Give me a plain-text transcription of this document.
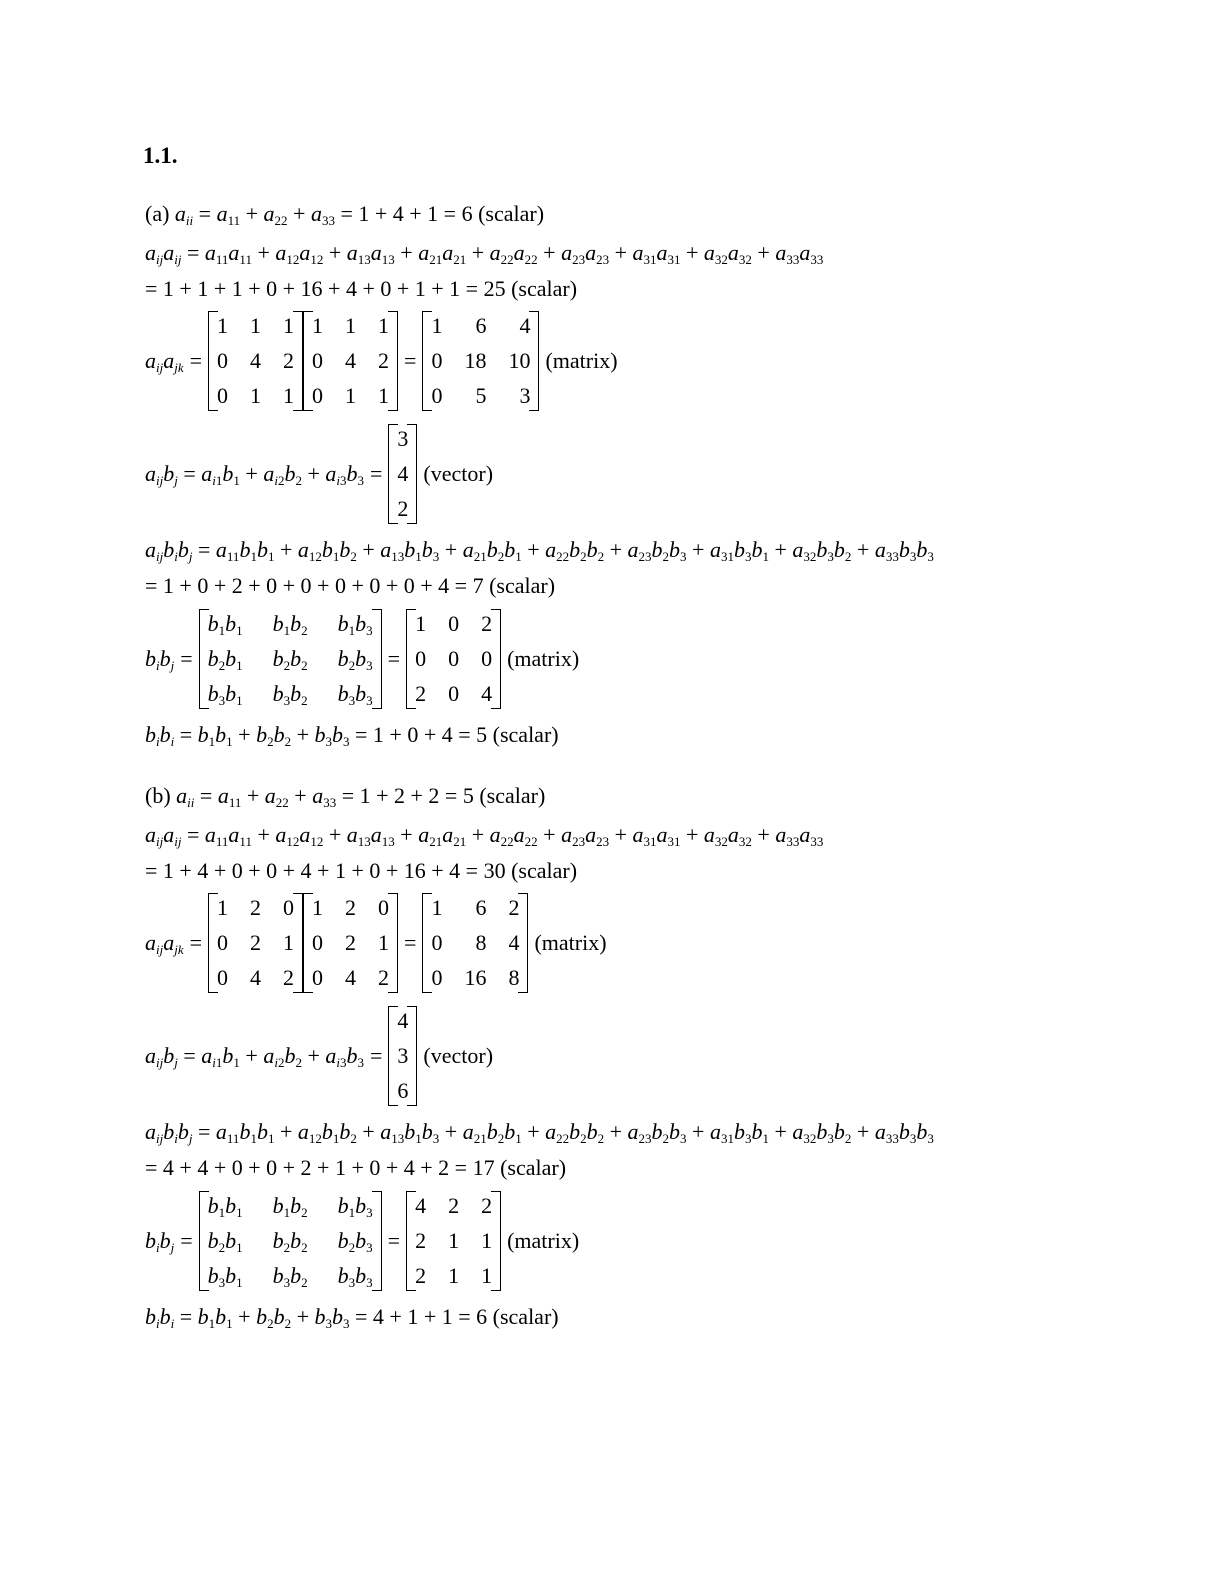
1.1.
(a) $a_{ii} = a_{11} + a_{22} + a_{33} = 1 + 4 + 1 = 6$ (scalar)
$a_{ij}a_{ij} = a_{11}a_{11} + a_{12}a_{12} + a_{13}a_{13} + a_{21}a_{21} + a_{22}a_{22} + a_{23}a_{23} + a_{31}a_{31} + a_{32}a_{32} + a_{33}a_{33}$
= 1 + 1 + 1 + 0 + 16 + 4 + 0 + 1 + 1 = 25 (scalar)
$a_{ij}a_{jk}$ =
1 1 1
0 4 2
0 1 1
1 1 1
0 4 2
0 1 1
=
1	6	4
0 18 10
0	5	3
(matrix)
$a_{ij}b_j = a_{i1}b_1 + a_{i2}b_2 + a_{i3}b_3$ =
3
4
2
(vector)
$a_{ij}b_ib_j = a_{11}b_1b_1 + a_{12}b_1b_2 + a_{13}b_1b_3 + a_{21}b_2b_1 + a_{22}b_2b_2 + a_{23}b_2b_3 + a_{31}b_3b_1 + a_{32}b_3b_2 + a_{33}b_3b_3$
= 1 + 0 + 2 + 0 + 0 + 0 + 0 + 0 + 4 = 7 (scalar)
$b_ib_j$ =
$b_1b_1$ $b_1b_2$ $b_1b_3$
$b_2b_1$ $b_2b_2$ $b_2b_3$
$b_3b_1$ $b_3b_2$ $b_3b_3$
=
1 0 2
0 0 0
2 0 4
(matrix)
$b_ib_i = b_1b_1 + b_2b_2 + b_3b_3 = 1 + 0 + 4 = 5$ (scalar)
(b) $a_{ii} = a_{11} + a_{22} + a_{33} = 1 + 2 + 2 = 5$ (scalar)
$a_{ij}a_{ij} = a_{11}a_{11} + a_{12}a_{12} + a_{13}a_{13} + a_{21}a_{21} + a_{22}a_{22} + a_{23}a_{23} + a_{31}a_{31} + a_{32}a_{32} + a_{33}a_{33}$
= 1 + 4 + 0 + 0 + 4 + 1 + 0 + 16 + 4 = 30 (scalar)
$a_{ij}a_{jk}$ =
1 2 0
0 2 1
0 4 2
1 2 0
0 2 1
0 4 2
=
1	6 2
0	8 4
0 16 8
(matrix)
$a_{ij}b_j = a_{i1}b_1 + a_{i2}b_2 + a_{i3}b_3$ =
4
3
6
(vector)
$a_{ij}b_ib_j = a_{11}b_1b_1 + a_{12}b_1b_2 + a_{13}b_1b_3 + a_{21}b_2b_1 + a_{22}b_2b_2 + a_{23}b_2b_3 + a_{31}b_3b_1 + a_{32}b_3b_2 + a_{33}b_3b_3$
= 4 + 4 + 0 + 0 + 2 + 1 + 0 + 4 + 2 = 17 (scalar)
$b_ib_j$ =
$b_1b_1$ $b_1b_2$ $b_1b_3$
$b_2b_1$ $b_2b_2$ $b_2b_3$
$b_3b_1$ $b_3b_2$ $b_3b_3$
=
4 2 2
2 1 1
2 1 1
(matrix)
$b_ib_i = b_1b_1 + b_2b_2 + b_3b_3 = 4 + 1 + 1 = 6$ (scalar)
